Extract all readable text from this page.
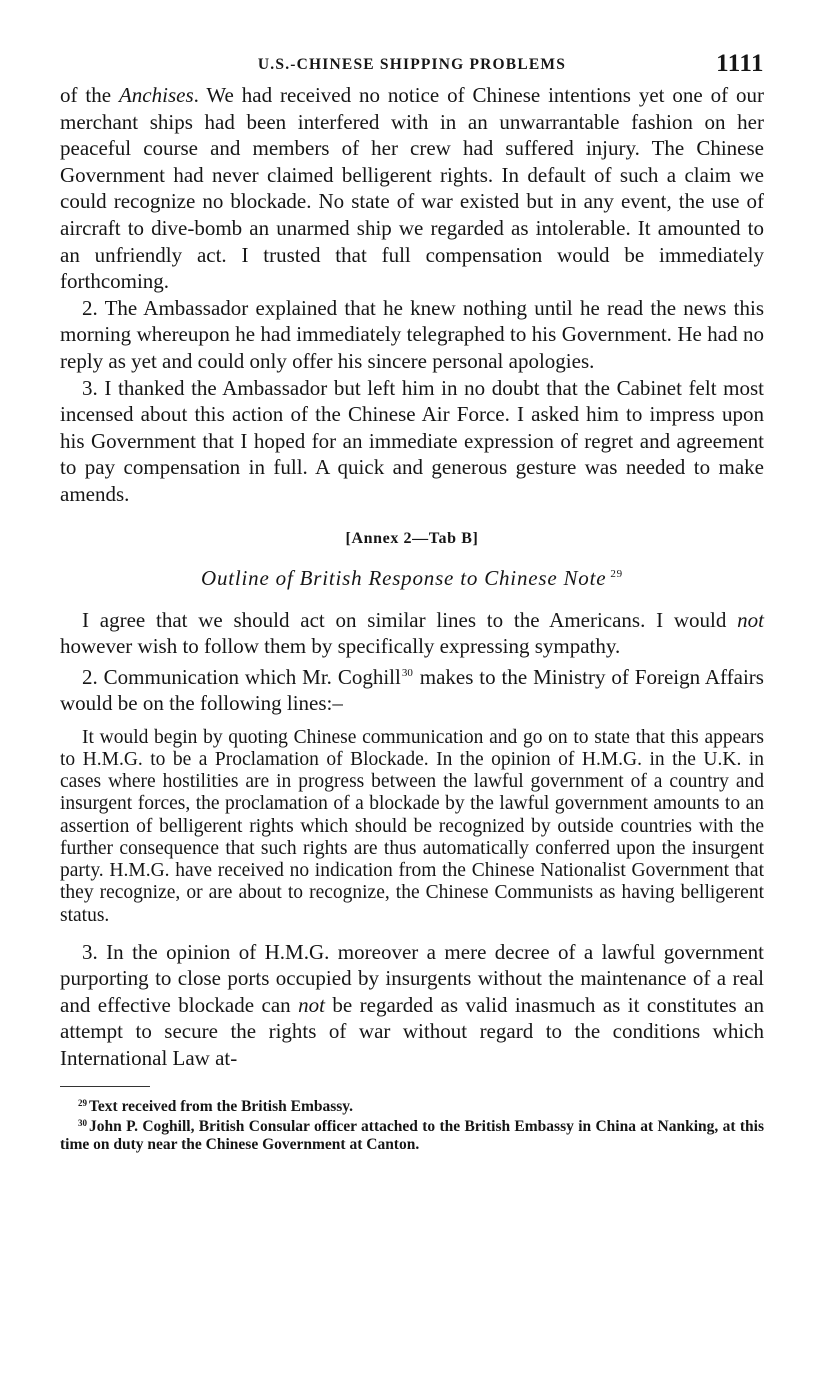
U.S.-CHINESE SHIPPING PROBLEMS	1111

of the Anchises. We had received no notice of Chinese intentions yet one of our merchant ships had been interfered with in an unwarrantable fashion on her peaceful course and members of her crew had suffered injury. The Chinese Government had never claimed belligerent rights. In default of such a claim we could recognize no blockade. No state of war existed but in any event, the use of aircraft to dive-bomb an unarmed ship we regarded as intolerable. It amounted to an unfriendly act. I trusted that full compensation would be immediately forthcoming.

2. The Ambassador explained that he knew nothing until he read the news this morning whereupon he had immediately telegraphed to his Government. He had no reply as yet and could only offer his sincere personal apologies.

3. I thanked the Ambassador but left him in no doubt that the Cabinet felt most incensed about this action of the Chinese Air Force. I asked him to impress upon his Government that I hoped for an immediate expression of regret and agreement to pay compensation in full. A quick and generous gesture was needed to make amends.

[Annex 2—Tab B]
Outline of British Response to Chinese Note $^{29}$

I agree that we should act on similar lines to the Americans. I would not however wish to follow them by specifically expressing sympathy.

2. Communication which Mr. Coghill$^{30}$ makes to the Ministry of Foreign Affairs would be on the following lines:–

It would begin by quoting Chinese communication and go on to state that this appears to H.M.G. to be a Proclamation of Blockade. In the opinion of H.M.G. in the U.K. in cases where hostilities are in progress between the lawful government of a country and insurgent forces, the proclamation of a blockade by the lawful government amounts to an assertion of belligerent rights which should be recognized by outside countries with the further consequence that such rights are thus automatically conferred upon the insurgent party. H.M.G. have received no indication from the Chinese Nationalist Government that they recognize, or are about to recognize, the Chinese Communists as having belligerent status.

3. In the opinion of H.M.G. moreover a mere decree of a lawful government purporting to close ports occupied by insurgents without the maintenance of a real and effective blockade can not be regarded as valid inasmuch as it constitutes an attempt to secure the rights of war without regard to the conditions which International Law at-

$^{29}$ Text received from the British Embassy.

$^{30}$ John P. Coghill, British Consular officer attached to the British Embassy in China at Nanking, at this time on duty near the Chinese Government at Canton.
